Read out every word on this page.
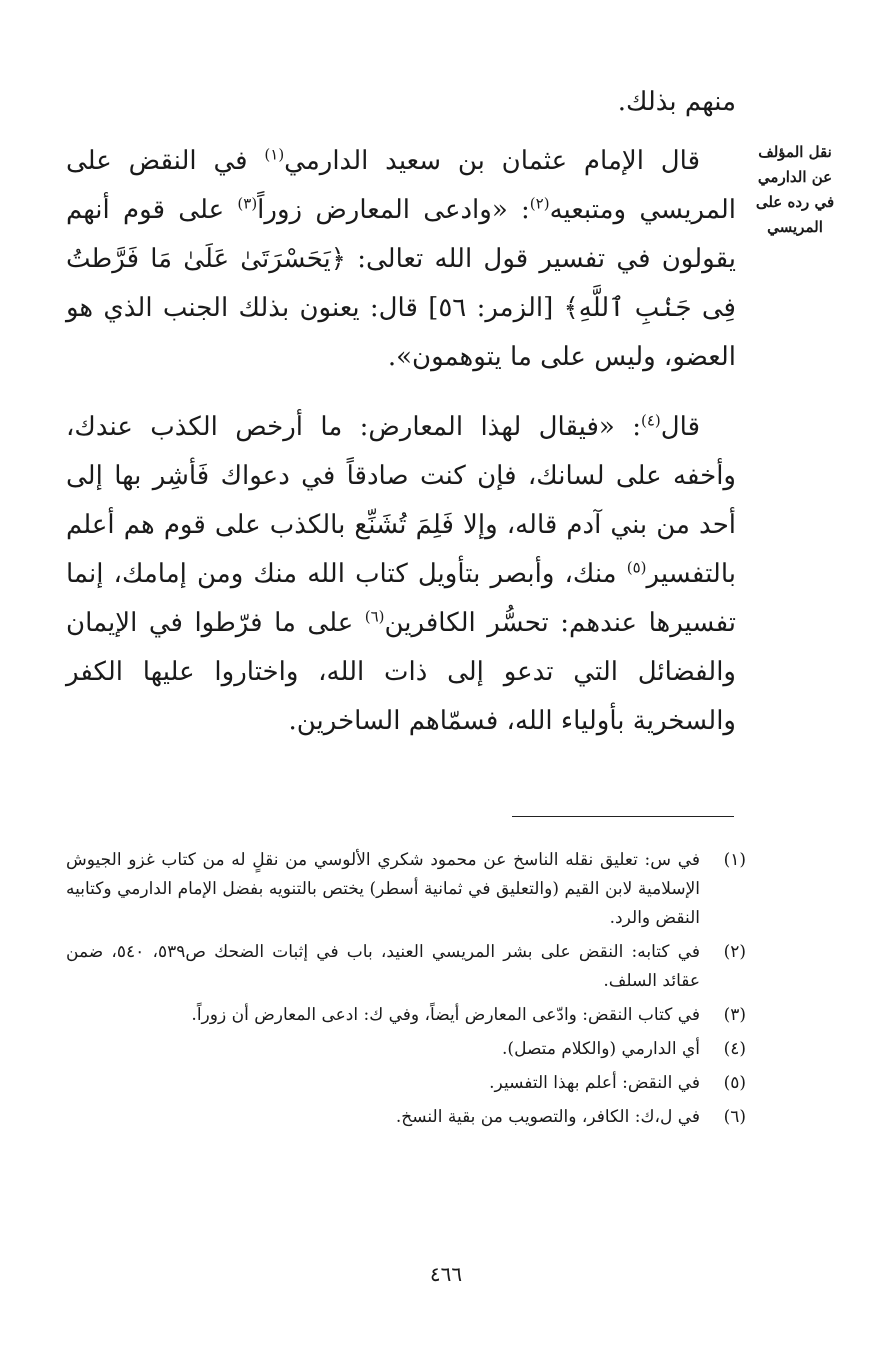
منهم بذلك.

قال الإمام عثمان بن سعيد الدارمي$^{(١)}$ في النقض على المريسي ومتبعيه$^{(٢)}$: «وادعى المعارض زوراً$^{(٣)}$ على قوم أنهم يقولون في تفسير قول الله تعالى: ﴿يَحَسْرَتَىٰ عَلَىٰ مَا فَرَّطتُ فِى جَنۢبِ ٱللَّهِ﴾ [الزمر: ٥٦] قال: يعنون بذلك الجنب الذي هو العضو، وليس على ما يتوهمون».

قال$^{(٤)}$: «فيقال لهذا المعارض: ما أرخص الكذب عندك، وأخفه على لسانك، فإن كنت صادقاً في دعواك فَأشِر بها إلى أحد من بني آدم قاله، وإلا فَلِمَ تُشَنِّع بالكذب على قوم هم أعلم بالتفسير$^{(٥)}$ منك، وأبصر بتأويل كتاب الله منك ومن إمامك، إنما تفسيرها عندهم: تحسُّر الكافرين$^{(٦)}$ على ما فرّطوا في الإيمان والفضائل التي تدعو إلى ذات الله، واختاروا عليها الكفر والسخرية بأولياء الله، فسمّاهم الساخرين.

نقل المؤلف عن الدارمي في رده على المريسي
(١)
في س: تعليق نقله الناسخ عن محمود شكري الألوسي من نقلٍ له من كتاب غزو الجيوش الإسلامية لابن القيم (والتعليق في ثمانية أسطر) يختص بالتنويه بفضل الإمام الدارمي وكتابيه النقض والرد.
(٢)
في كتابه: النقض على بشر المريسي العنيد، باب في إثبات الضحك ص٥٣٩، ٥٤٠، ضمن عقائد السلف.
(٣)
في كتاب النقض: وادّعى المعارض أيضاً، وفي ك: ادعى المعارض أن زوراً.
(٤)
أي الدارمي (والكلام متصل).
(٥)
في النقض: أعلم بهذا التفسير.
(٦)
في ل،ك: الكافر، والتصويب من بقية النسخ.
٤٦٦
